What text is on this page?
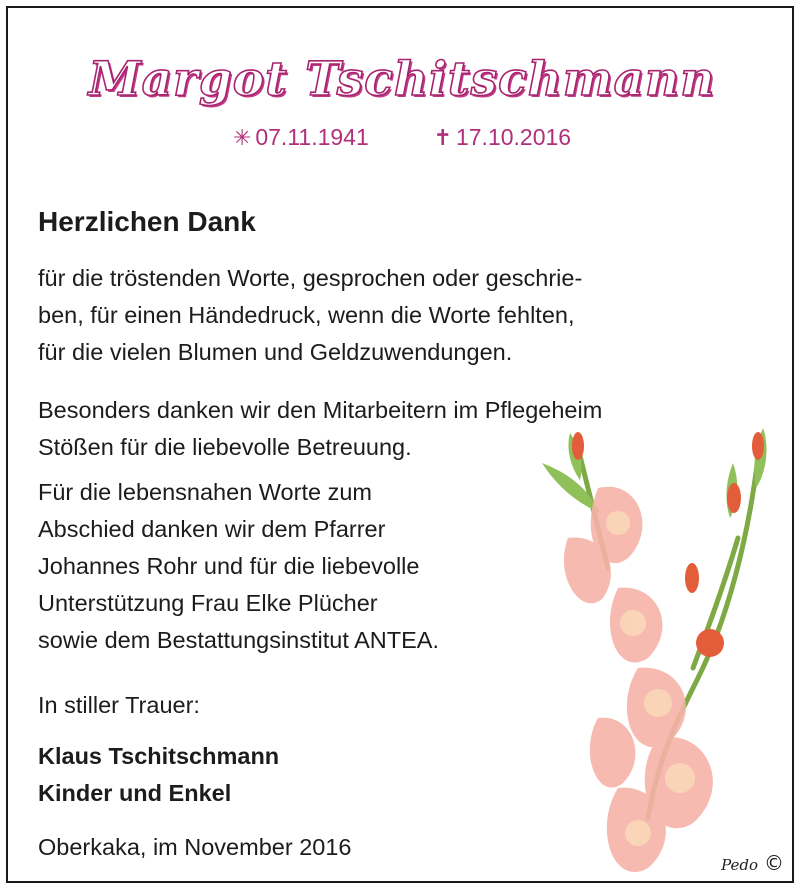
Margot Tschitschmann
✳ 07.11.1941	✝ 17.10.2016
Herzlichen Dank

für die tröstenden Worte, gesprochen oder geschrie-
ben, für einen Händedruck, wenn die Worte fehlten,
für die vielen Blumen und Geldzuwendungen.

Besonders danken wir den Mitarbeitern im Pflegeheim
Stößen für die liebevolle Betreuung.

Für die lebensnahen Worte zum
Abschied danken wir dem Pfarrer
Johannes Rohr und für die liebevolle
Unterstützung Frau Elke Plücher
sowie dem Bestattungsinstitut ANTEA.

In stiller Trauer:
Klaus Tschitschmann
Kinder und Enkel
Oberkaka, im November 2016
Pedo ©
